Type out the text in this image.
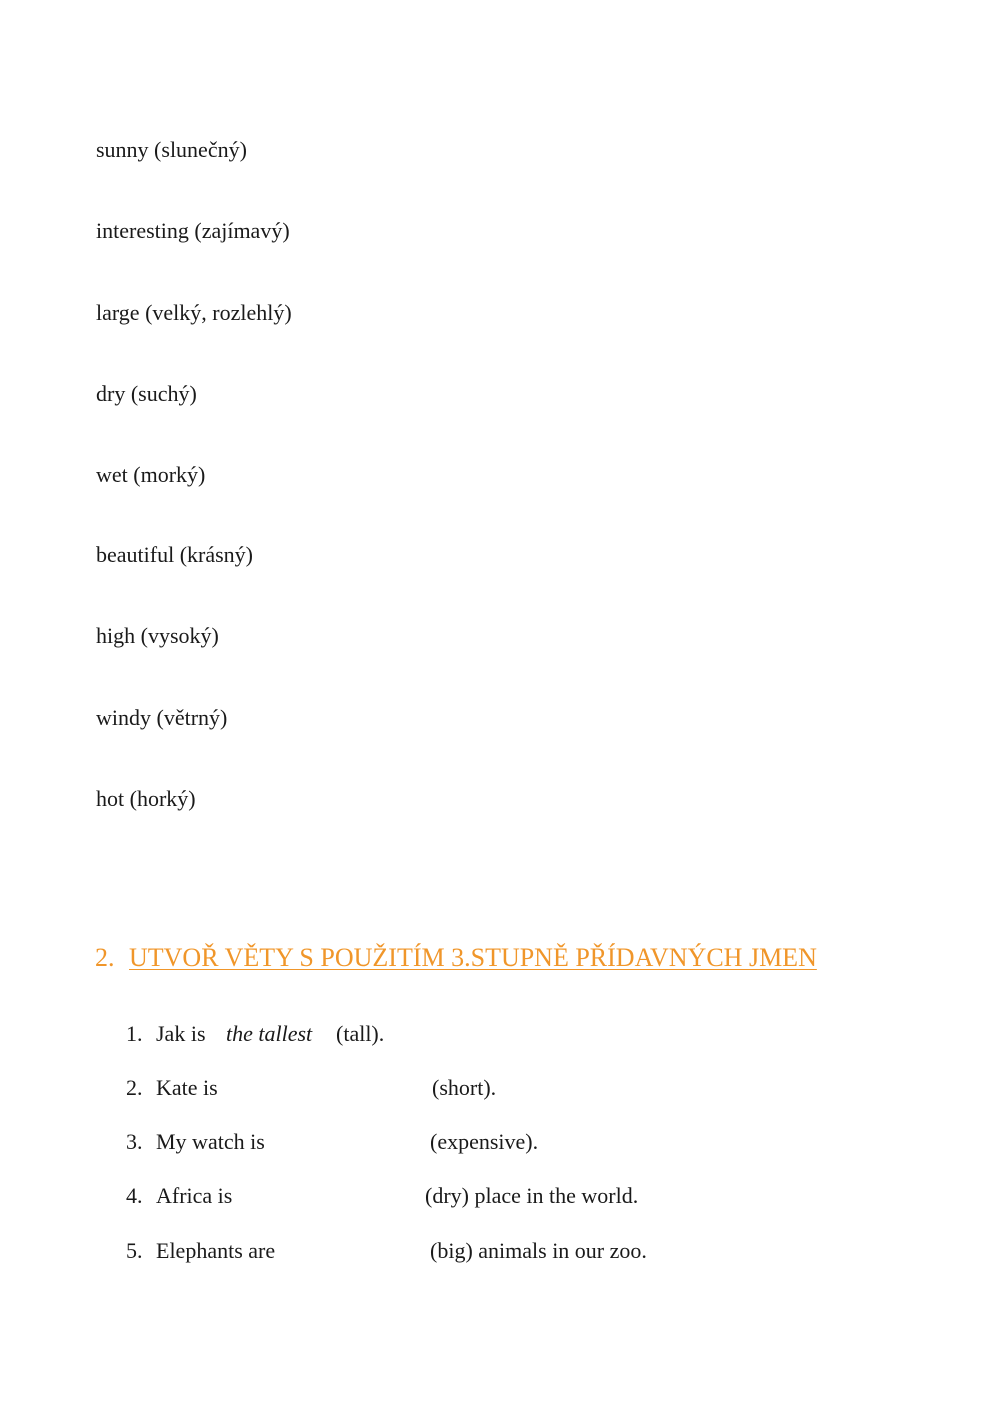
sunny (slunečný)
interesting (zajímavý)
large (velký, rozlehlý)
dry (suchý)
wet (morký)
beautiful (krásný)
high (vysoký)
windy (větrný)
hot (horký)
2. UTVOŘ VĚTY S POUŽITÍM 3.STUPNĚ PŘÍDAVNÝCH JMEN
1. Jak is the tallest (tall).
2. Kate is	(short).
3. My watch is	(expensive).
4. Africa is	(dry) place in the world.
5. Elephants are	(big) animals in our zoo.
